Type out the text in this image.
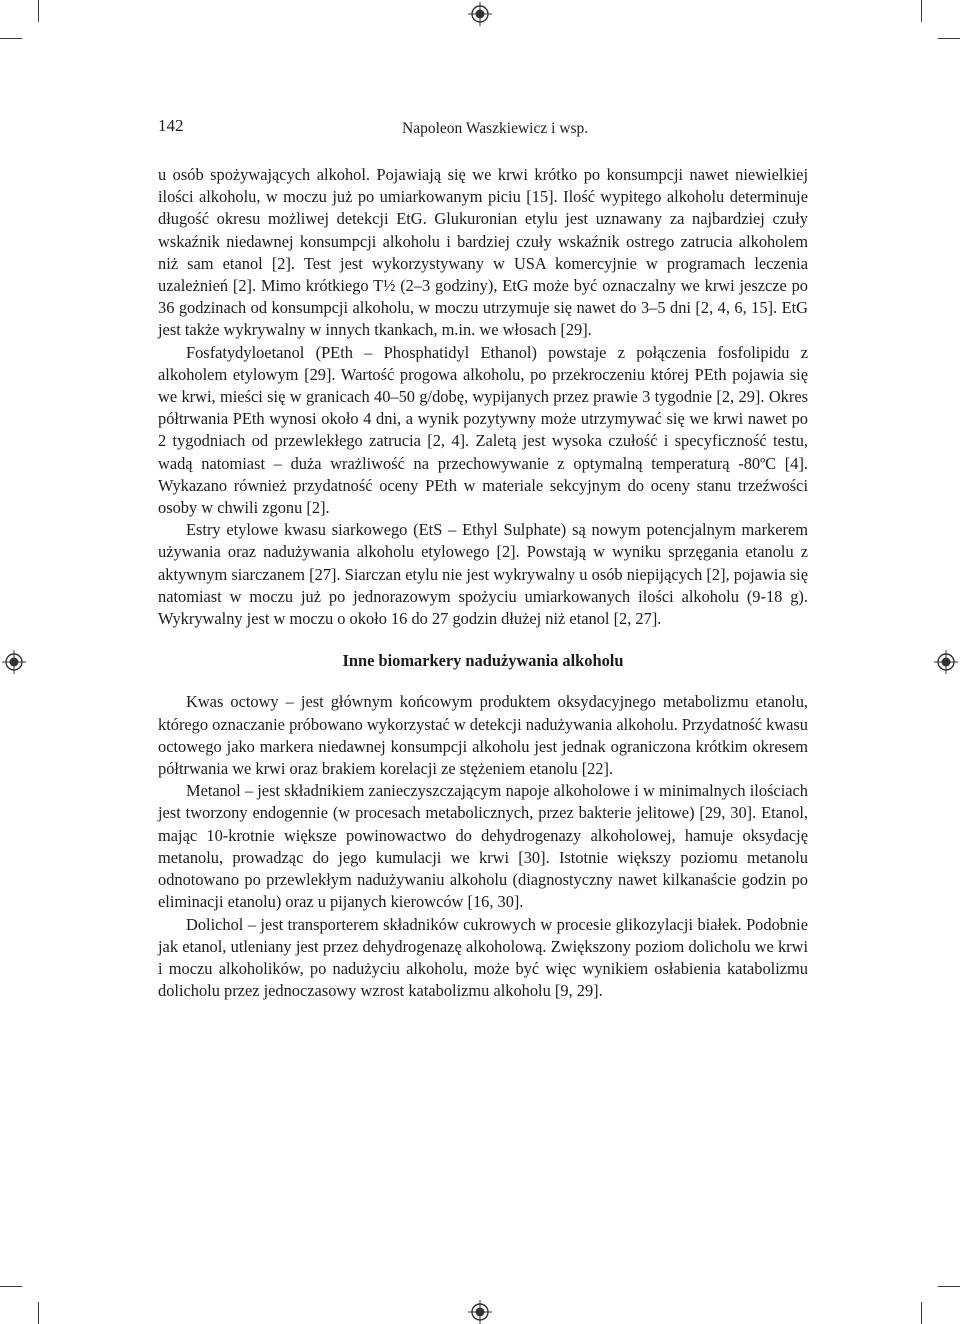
142	Napoleon Waszkiewicz i wsp.

u osób spożywających alkohol. Pojawiają się we krwi krótko po konsumpcji nawet niewielkiej ilości alkoholu, w moczu już po umiarkowanym piciu [15]. Ilość wypitego alkoholu determinuje długość okresu możliwej detekcji EtG. Glukuronian etylu jest uznawany za najbardziej czuły wskaźnik niedawnej konsumpcji alkoholu i bardziej czuły wskaźnik ostrego zatrucia alkoholem niż sam etanol [2]. Test jest wykorzystywany w USA komercyjnie w programach leczenia uzależnień [2]. Mimo krótkiego T½ (2–3 godziny), EtG może być oznaczalny we krwi jeszcze po 36 godzinach od konsumpcji alkoholu, w moczu utrzymuje się nawet do 3–5 dni [2, 4, 6, 15]. EtG jest także wykrywalny w innych tkankach, m.in. we włosach [29].

Fosfatydyloetanol (PEth – Phosphatidyl Ethanol) powstaje z połączenia fosfolipidu z alkoholem etylowym [29]. Wartość progowa alkoholu, po przekroczeniu której PEth pojawia się we krwi, mieści się w granicach 40–50 g/dobę, wypijanych przez prawie 3 tygodnie [2, 29]. Okres półtrwania PEth wynosi około 4 dni, a wynik pozytywny może utrzymywać się we krwi nawet po 2 tygodniach od przewlekłego zatrucia [2, 4]. Zaletą jest wysoka czułość i specyficzność testu, wadą natomiast – duża wrażliwość na przechowywanie z optymalną temperaturą -80ºC [4]. Wykazano również przydatność oceny PEth w materiale sekcyjnym do oceny stanu trzeźwości osoby w chwili zgonu [2].

Estry etylowe kwasu siarkowego (EtS – Ethyl Sulphate) są nowym potencjalnym markerem używania oraz nadużywania alkoholu etylowego [2]. Powstają w wyniku sprzęgania etanolu z aktywnym siarczanem [27]. Siarczan etylu nie jest wykrywalny u osób niepijących [2], pojawia się natomiast w moczu już po jednorazowym spożyciu umiarkowanych ilości alkoholu (9-18 g). Wykrywalny jest w moczu o około 16 do 27 godzin dłużej niż etanol [2, 27].

Inne biomarkery nadużywania alkoholu

Kwas octowy – jest głównym końcowym produktem oksydacyjnego metabolizmu etanolu, którego oznaczanie próbowano wykorzystać w detekcji nadużywania alkoholu. Przydatność kwasu octowego jako markera niedawnej konsumpcji alkoholu jest jednak ograniczona krótkim okresem półtrwania we krwi oraz brakiem korelacji ze stężeniem etanolu [22].

Metanol – jest składnikiem zanieczyszczającym napoje alkoholowe i w minimalnych ilościach jest tworzony endogennie (w procesach metabolicznych, przez bakterie jelitowe) [29, 30]. Etanol, mając 10-krotnie większe powinowactwo do dehydrogenazy alkoholowej, hamuje oksydację metanolu, prowadząc do jego kumulacji we krwi [30]. Istotnie większy poziomu metanolu odnotowano po przewlekłym nadużywaniu alkoholu (diagnostyczny nawet kilkanaście godzin po eliminacji etanolu) oraz u pijanych kierowców [16, 30].

Dolichol – jest transporterem składników cukrowych w procesie glikozylacji białek. Podobnie jak etanol, utleniany jest przez dehydrogenazę alkoholową. Zwiększony poziom dolicholu we krwi i moczu alkoholików, po nadużyciu alkoholu, może być więc wynikiem osłabienia katabolizmu dolicholu przez jednoczasowy wzrost katabolizmu alkoholu [9, 29].
